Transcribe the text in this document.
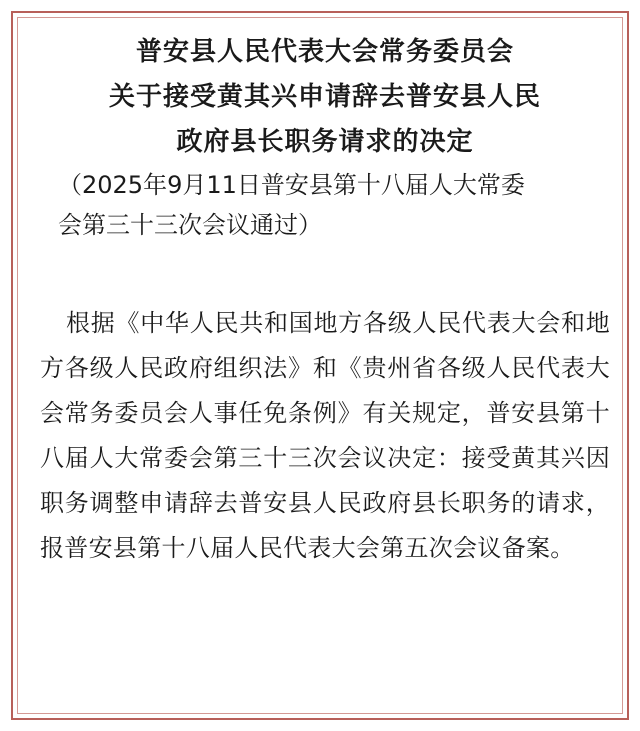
普安县人民代表大会常务委员会

关于接受黄其兴申请辞去普安县人民

政府县长职务请求的决定

（2025年9月11日普安县第十八届人大常委
会第三十三次会议通过）

根据《中华人民共和国地方各级人民代表大会和地方各级人民政府组织法》和《贵州省各级人民代表大会常务委员会人事任免条例》有关规定，普安县第十八届人大常委会第三十三次会议决定：接受黄其兴因职务调整申请辞去普安县人民政府县长职务的请求，报普安县第十八届人民代表大会第五次会议备案。
